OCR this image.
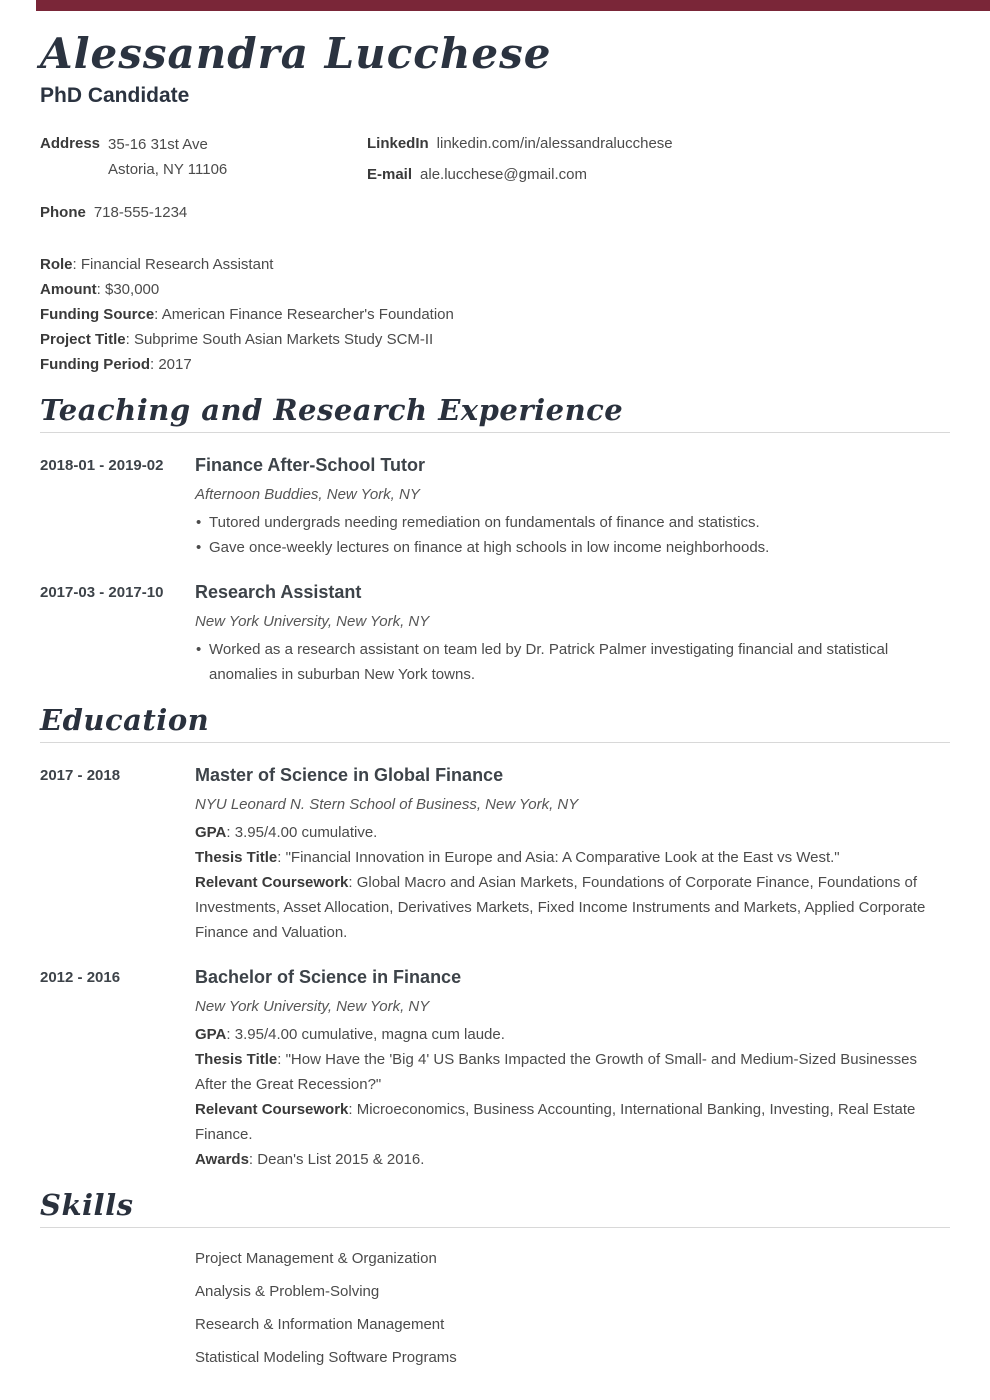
Alessandra Lucchese
PhD Candidate
Address 35-16 31st Ave
Astoria, NY 11106
Phone 718-555-1234
LinkedIn linkedin.com/in/alessandralucchese
E-mail ale.lucchese@gmail.com
Role : Financial Research Assistant
Amount : $30,000
Funding Source : American Finance Researcher's Foundation
Project Title : Subprime South Asian Markets Study SCM-II
Funding Period : 2017
Teaching and Research Experience
2018-01 - 2019-02	Finance After-School Tutor
Afternoon Buddies, New York, NY
• Tutored undergrads needing remediation on fundamentals of finance and statistics.
• Gave once-weekly lectures on finance at high schools in low income neighborhoods.
2017-03 - 2017-10	Research Assistant
New York University, New York, NY
• Worked as a research assistant on team led by Dr. Patrick Palmer investigating financial and statistical anomalies in suburban New York towns.
Education
2017 - 2018	Master of Science in Global Finance
NYU Leonard N. Stern School of Business, New York, NY
GPA : 3.95/4.00 cumulative.
Thesis Title : "Financial Innovation in Europe and Asia: A Comparative Look at the East vs West."
Relevant Coursework : Global Macro and Asian Markets, Foundations of Corporate Finance, Foundations of Investments, Asset Allocation, Derivatives Markets, Fixed Income Instruments and Markets, Applied Corporate Finance and Valuation.
2012 - 2016	Bachelor of Science in Finance
New York University, New York, NY
GPA : 3.95/4.00 cumulative, magna cum laude.
Thesis Title : "How Have the 'Big 4' US Banks Impacted the Growth of Small- and Medium-Sized Businesses After the Great Recession?"
Relevant Coursework : Microeconomics, Business Accounting, International Banking, Investing, Real Estate Finance.
Awards : Dean's List 2015 & 2016.
Skills
Project Management & Organization
Analysis & Problem-Solving
Research & Information Management
Statistical Modeling Software Programs
